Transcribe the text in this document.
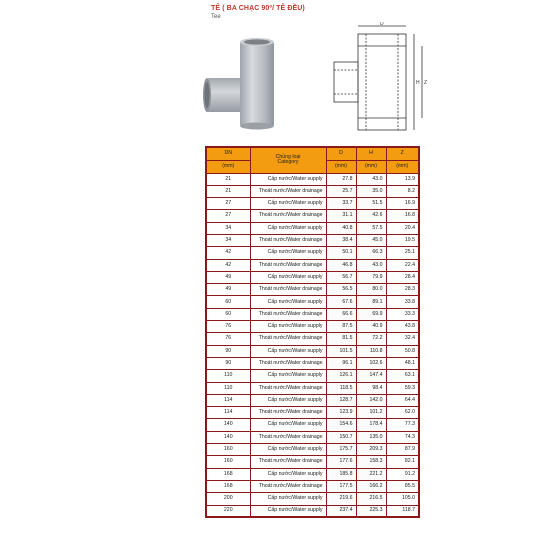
TÊ ( BA CHẠC 90º/ TÊ ĐỀU)
Tee
D
H Z
DN	Chủng loại
Category	D	H	Z
(mm)		(mm)	(mm)	(mm)
21	Cấp nước/Water supply	27.8	43.0	13.9
21	Thoát nước/Water drainage	25.7	35.0	8.2
27	Cấp nước/Water supply	33.7	51.5	16.9
27	Thoát nước/Water drainage	31.1	42.6	16.8
34	Cấp nước/Water supply	40.8	57.5	20.4
34	Thoát nước/Water drainage	38.4	45.0	19.5
42	Cấp nước/Water supply	50.1	66.3	25.1
42	Thoát nước/Water drainage	46.8	43.0	22.4
49	Cấp nước/Water supply	56.7	79.9	28.4
49	Thoát nước/Water drainage	56.5	80.0	28.3
60	Cấp nước/Water supply	67.6	89.1	33.8
60	Thoát nước/Water drainage	66.6	69.9	33.3
76	Cấp nước/Water supply	87.5	40.9	43.8
76	Thoát nước/Water drainage	81.5	72.2	32.4
90	Cấp nước/Water supply	101.5	110.8	50.8
90	Thoát nước/Water drainage	96.1	102.6	48.1
110	Cấp nước/Water supply	126.1	147.4	63.1
110	Thoát nước/Water drainage	118.5	98.4	59.3
114	Cấp nước/Water supply	128.7	142.0	64.4
114	Thoát nước/Water drainage	123.9	101.2	62.0
140	Cấp nước/Water supply	154.6	178.4	77.3
140	Thoát nước/Water drainage	150.7	135.0	74.3
160	Cấp nước/Water supply	175.7	209.3	87.9
160	Thoát nước/Water drainage	177.6	158.3	82.1
168	Cấp nước/Water supply	185.8	221.2	91.2
168	Thoát nước/Water drainage	177.5	166.2	85.5
200	Cấp nước/Water supply	219.6	216.5	105.0
220	Cấp nước/Water supply	237.4	225.3	118.7
